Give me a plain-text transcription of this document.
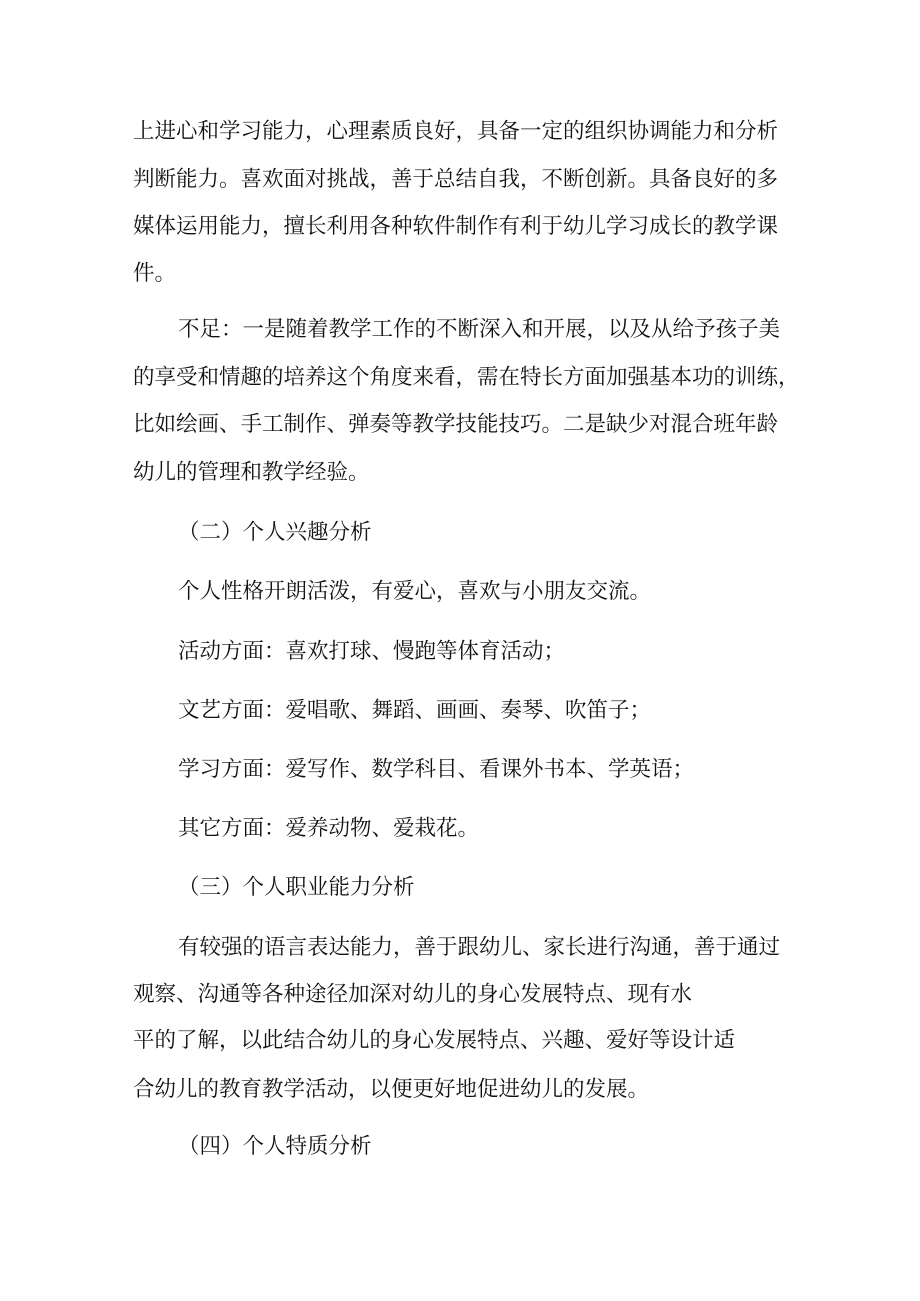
上进心和学习能力，心理素质良好，具备一定的组织协调能力和分析

判断能力。喜欢面对挑战，善于总结自我，不断创新。具备良好的多

媒体运用能力，擅长利用各种软件制作有利于幼儿学习成长的教学课

件。

不足：一是随着教学工作的不断深入和开展，以及从给予孩子美

的享受和情趣的培养这个角度来看，需在特长方面加强基本功的训练，

比如绘画、手工制作、弹奏等教学技能技巧。二是缺少对混合班年龄

幼儿的管理和教学经验。

（二）个人兴趣分析

个人性格开朗活泼，有爱心，喜欢与小朋友交流。

活动方面：喜欢打球、慢跑等体育活动；

文艺方面：爱唱歌、舞蹈、画画、奏琴、吹笛子；

学习方面：爱写作、数学科目、看课外书本、学英语；

其它方面：爱养动物、爱栽花。

（三）个人职业能力分析

有较强的语言表达能力，善于跟幼儿、家长进行沟通，善于通过

观察、沟通等各种途径加深对幼儿的身心发展特点、现有水

平的了解，以此结合幼儿的身心发展特点、兴趣、爱好等设计适

合幼儿的教育教学活动，以便更好地促进幼儿的发展。

（四）个人特质分析
